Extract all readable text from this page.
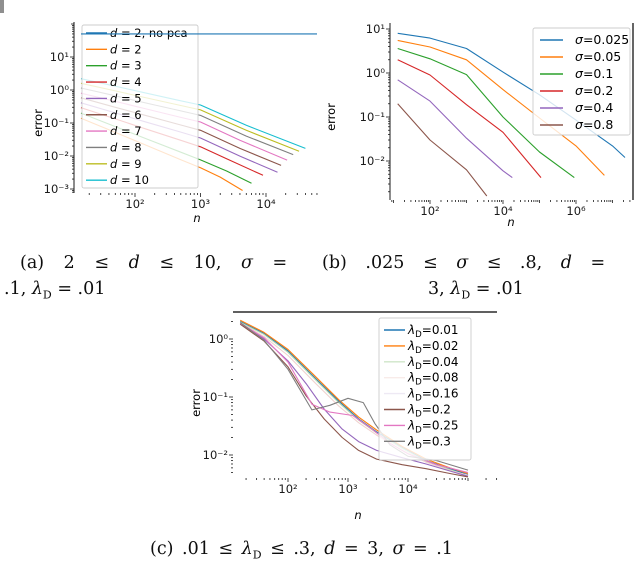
d = 2, no pca
d = 2
d = 3
d = 4
d = 5
d = 6
d = 7
d = 8
d = 9
d = 10
10²	10³	10⁴
10¹
10⁰
10⁻¹
10⁻²
10⁻³
n
error
σ=0.025
σ=0.05
σ=0.1
σ=0.2
σ=0.4
σ=0.8
10²	10⁴	10⁶
10¹
10⁰
10⁻¹
10⁻²
n
error
$\lambda_D=0.01$
$\lambda_D=0.02$
$\lambda_D=0.04$
$\lambda_D=0.08$
$\lambda_D=0.16$
$\lambda_D=0.2$
$\lambda_D=0.25$
$\lambda_D=0.3$
10²	10³	10⁴
10⁰
10⁻¹
10⁻²
n
error
(a) 2 ≤ d ≤ 10, σ =
.1, $\lambda_D = .01$
(b) .025 ≤ σ ≤ .8, d =
3, $\lambda_D = .01$
(c) $.01 \le \lambda_D \le .3$, d = 3, σ = .1
